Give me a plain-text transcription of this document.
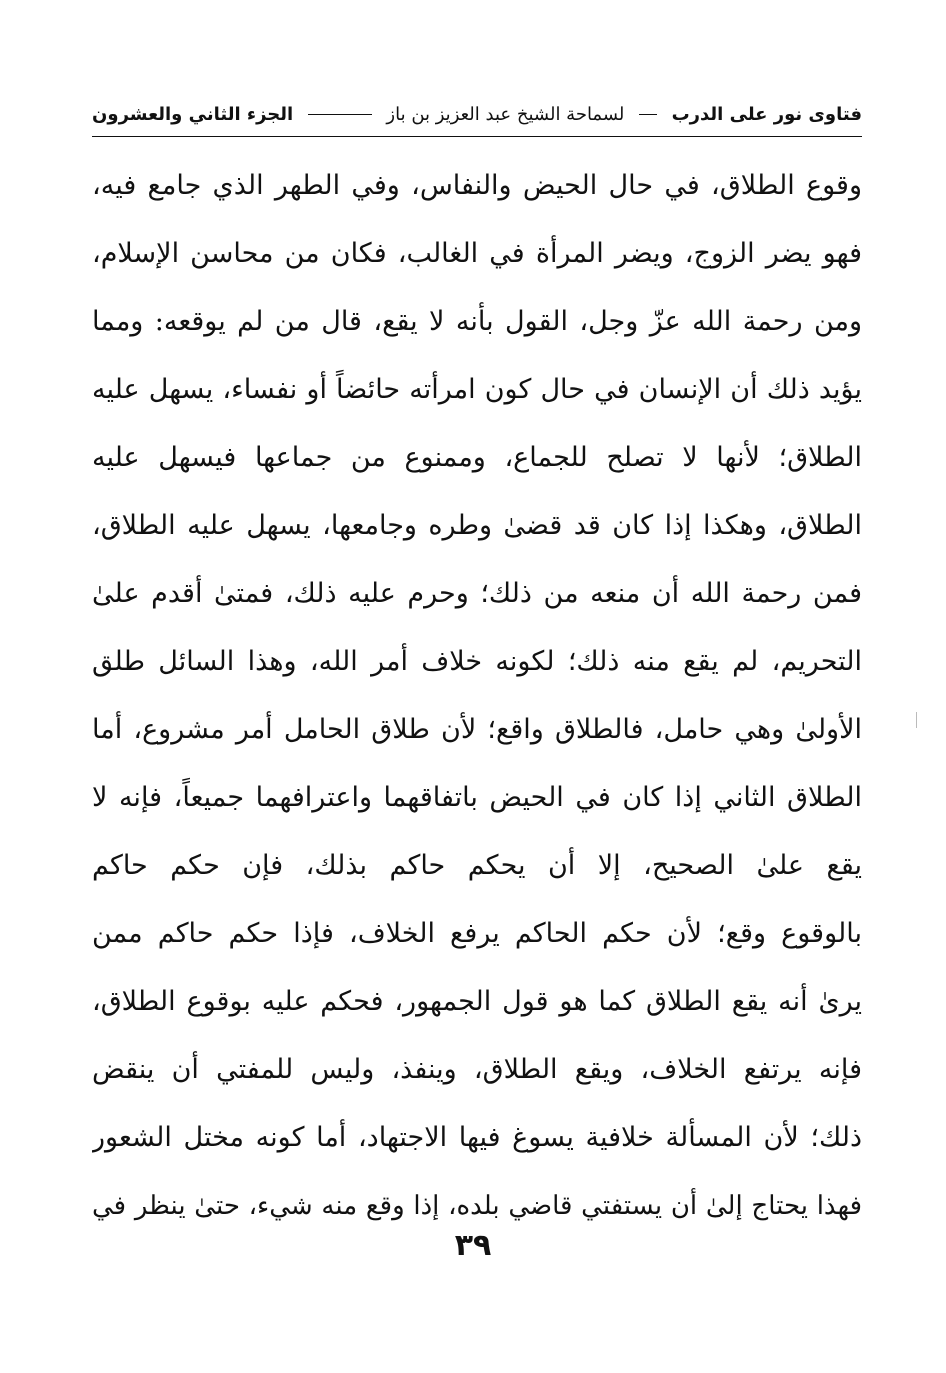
فتاوى نور على الدرب
لسماحة الشيخ عبد العزيز بن باز
الجزء الثاني والعشرون
وقوع الطلاق، في حال الحيض والنفاس، وفي الطهر الذي جامع فيه،
فهو يضر الزوج، ويضر المرأة في الغالب، فكان من محاسن الإسلام،
ومن رحمة الله عزّ وجل، القول بأنه لا يقع، قال من لم يوقعه: ومما
يؤيد ذلك أن الإنسان في حال كون امرأته حائضاً أو نفساء، يسهل عليه
الطلاق؛ لأنها لا تصلح للجماع، وممنوع من جماعها فيسهل عليه
الطلاق، وهكذا إذا كان قد قضىٰ وطره وجامعها، يسهل عليه الطلاق،
فمن رحمة الله أن منعه من ذلك؛ وحرم عليه ذلك، فمتىٰ أقدم علىٰ
التحريم، لم يقع منه ذلك؛ لكونه خلاف أمر الله، وهذا السائل طلق
الأولىٰ وهي حامل، فالطلاق واقع؛ لأن طلاق الحامل أمر مشروع، أما
الطلاق الثاني إذا كان في الحيض باتفاقهما واعترافهما جميعاً، فإنه لا
يقع علىٰ الصحيح، إلا أن يحكم حاكم بذلك، فإن حكم حاكم
بالوقوع وقع؛ لأن حكم الحاكم يرفع الخلاف، فإذا حكم حاكم ممن
يرىٰ أنه يقع الطلاق كما هو قول الجمهور، فحكم عليه بوقوع الطلاق،
فإنه يرتفع الخلاف، ويقع الطلاق، وينفذ، وليس للمفتي أن ينقض
ذلك؛ لأن المسألة خلافية يسوغ فيها الاجتهاد، أما كونه مختل الشعور
فهذا يحتاج إلىٰ أن يستفتي قاضي بلده، إذا وقع منه شيء، حتىٰ ينظر في
٣٩
